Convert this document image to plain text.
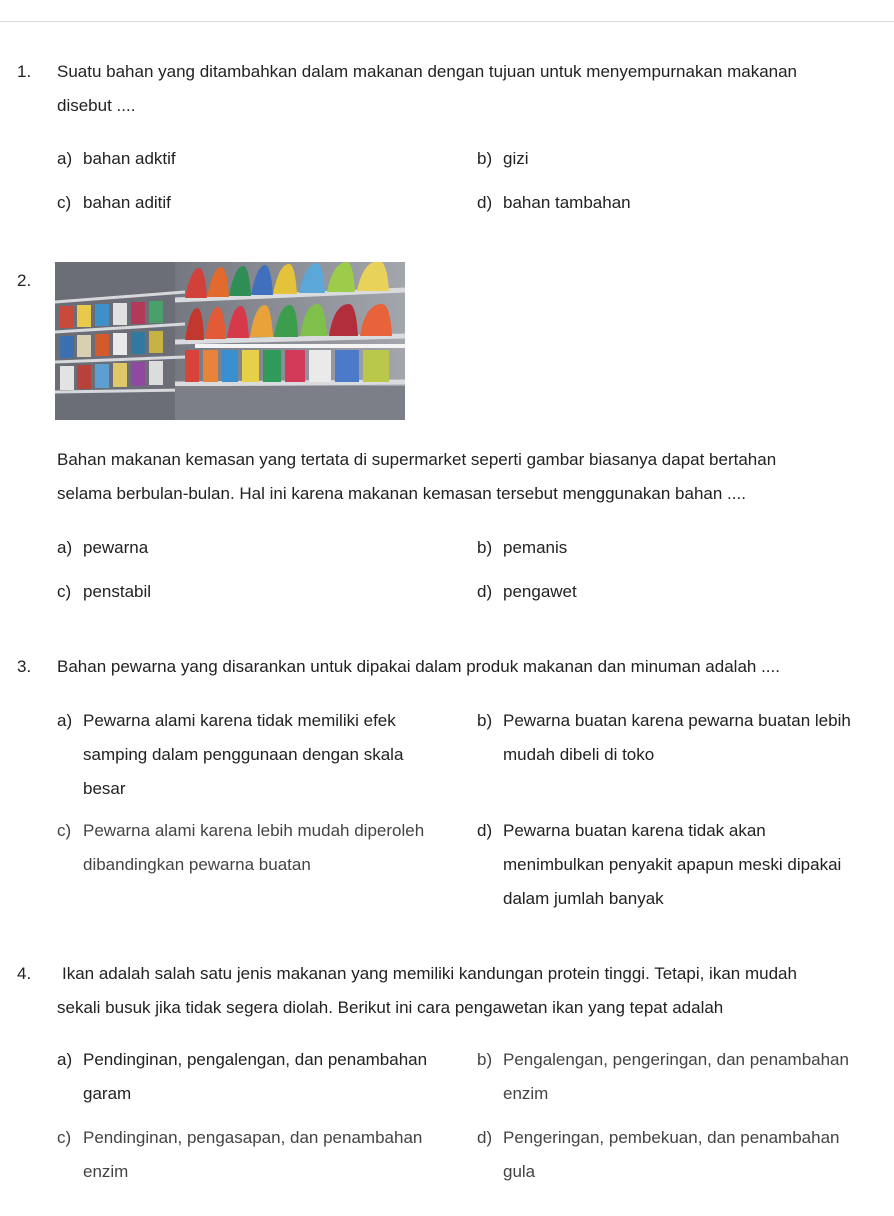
1. Suatu bahan yang ditambahkan dalam makanan dengan tujuan untuk menyempurnakan makanan
disebut ....
a) bahan adktif	b) gizi
c) bahan aditif	d) bahan tambahan
2.
Bahan makanan kemasan yang tertata di supermarket seperti gambar biasanya dapat bertahan
selama berbulan-bulan. Hal ini karena makanan kemasan tersebut menggunakan bahan ....
a) pewarna	b) pemanis
c) penstabil	d) pengawet
3. Bahan pewarna yang disarankan untuk dipakai dalam produk makanan dan minuman adalah ....
a) Pewarna alami karena tidak memiliki efek
samping dalam penggunaan dengan skala
besar
b) Pewarna buatan karena pewarna buatan lebih
mudah dibeli di toko
c) Pewarna alami karena lebih mudah diperoleh
dibandingkan pewarna buatan
d) Pewarna buatan karena tidak akan
menimbulkan penyakit apapun meski dipakai
dalam jumlah banyak
4. Ikan adalah salah satu jenis makanan yang memiliki kandungan protein tinggi. Tetapi, ikan mudah
sekali busuk jika tidak segera diolah. Berikut ini cara pengawetan ikan yang tepat adalah
a) Pendinginan, pengalengan, dan penambahan
garam
b) Pengalengan, pengeringan, dan penambahan
enzim
c) Pendinginan, pengasapan, dan penambahan
enzim
d) Pengeringan, pembekuan, dan penambahan
gula
